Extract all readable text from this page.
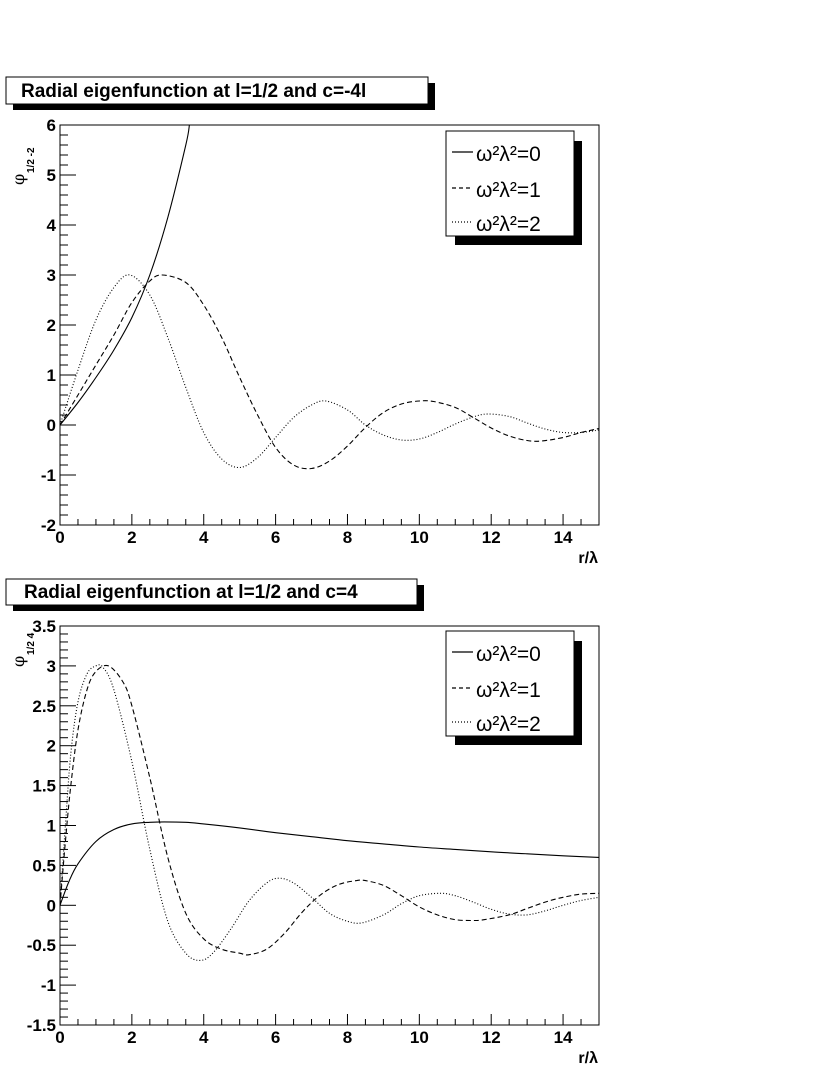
Radial eigenfunction at l=1/2 and c=-4l
φ
1/2 -2
0	2	4	6	8	10	12	14
-2
-1
0
1
2
3
4
5
6
r/λ
ω²λ²=0
ω²λ²=1
ω²λ²=2
Radial eigenfunction at l=1/2 and c=4
φ
1/2 4
0	2	4	6	8	10	12	14
-1.5
-1
-0.5
0
0.5
1
1.5
2
2.5
3
3.5
r/λ
ω²λ²=0
ω²λ²=1
ω²λ²=2
